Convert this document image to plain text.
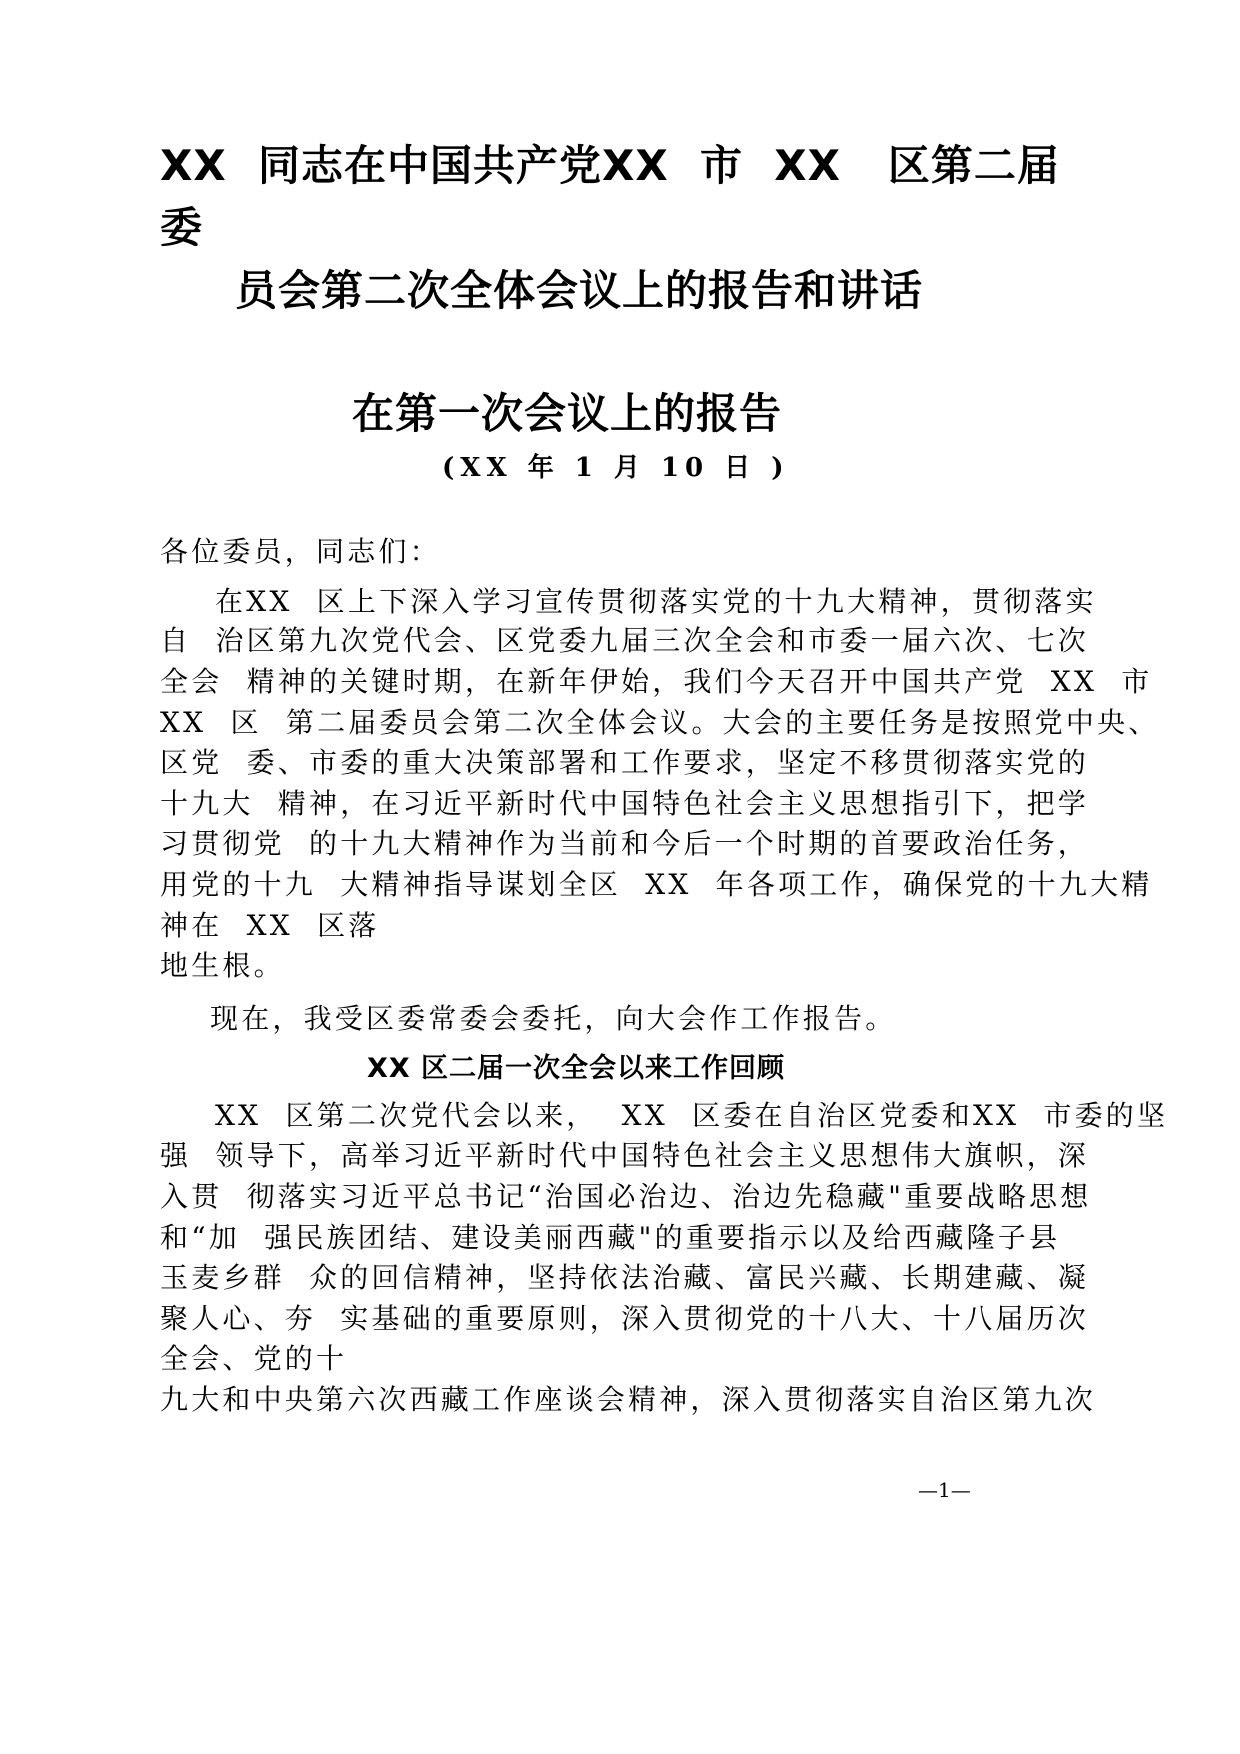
XX  同志在中国共产党XX  市  XX   区第二届
委
员会第二次全体会议上的报告和讲话
在第一次会议上的报告
(XX 年 1 月 10 日 )
各位委员，同志们：
在XX  区上下深入学习宣传贯彻落实党的十九大精神，贯彻落实
自  治区第九次党代会、区党委九届三次全会和市委一届六次、七次
全会  精神的关键时期，在新年伊始，我们今天召开中国共产党  XX  市
XX  区  第二届委员会第二次全体会议。大会的主要任务是按照党中央、
区党  委、市委的重大决策部署和工作要求，坚定不移贯彻落实党的
十九大  精神，在习近平新时代中国特色社会主义思想指引下，把学
习贯彻党  的十九大精神作为当前和今后一个时期的首要政治任务，
用党的十九  大精神指导谋划全区  XX  年各项工作，确保党的十九大精
神在  XX  区落
地生根。
现在，我受区委常委会委托，向大会作工作报告。
XX 区二届一次全会以来工作回顾
XX  区第二次党代会以来，  XX  区委在自治区党委和XX  市委的坚
强  领导下，高举习近平新时代中国特色社会主义思想伟大旗帜，深
入贯  彻落实习近平总书记“治国必治边、治边先稳藏"重要战略思想
和“加  强民族团结、建设美丽西藏"的重要指示以及给西藏隆子县
玉麦乡群  众的回信精神，坚持依法治藏、富民兴藏、长期建藏、凝
聚人心、夯  实基础的重要原则，深入贯彻党的十八大、十八届历次
全会、党的十
九大和中央第六次西藏工作座谈会精神，深入贯彻落实自治区第九次
—1—
